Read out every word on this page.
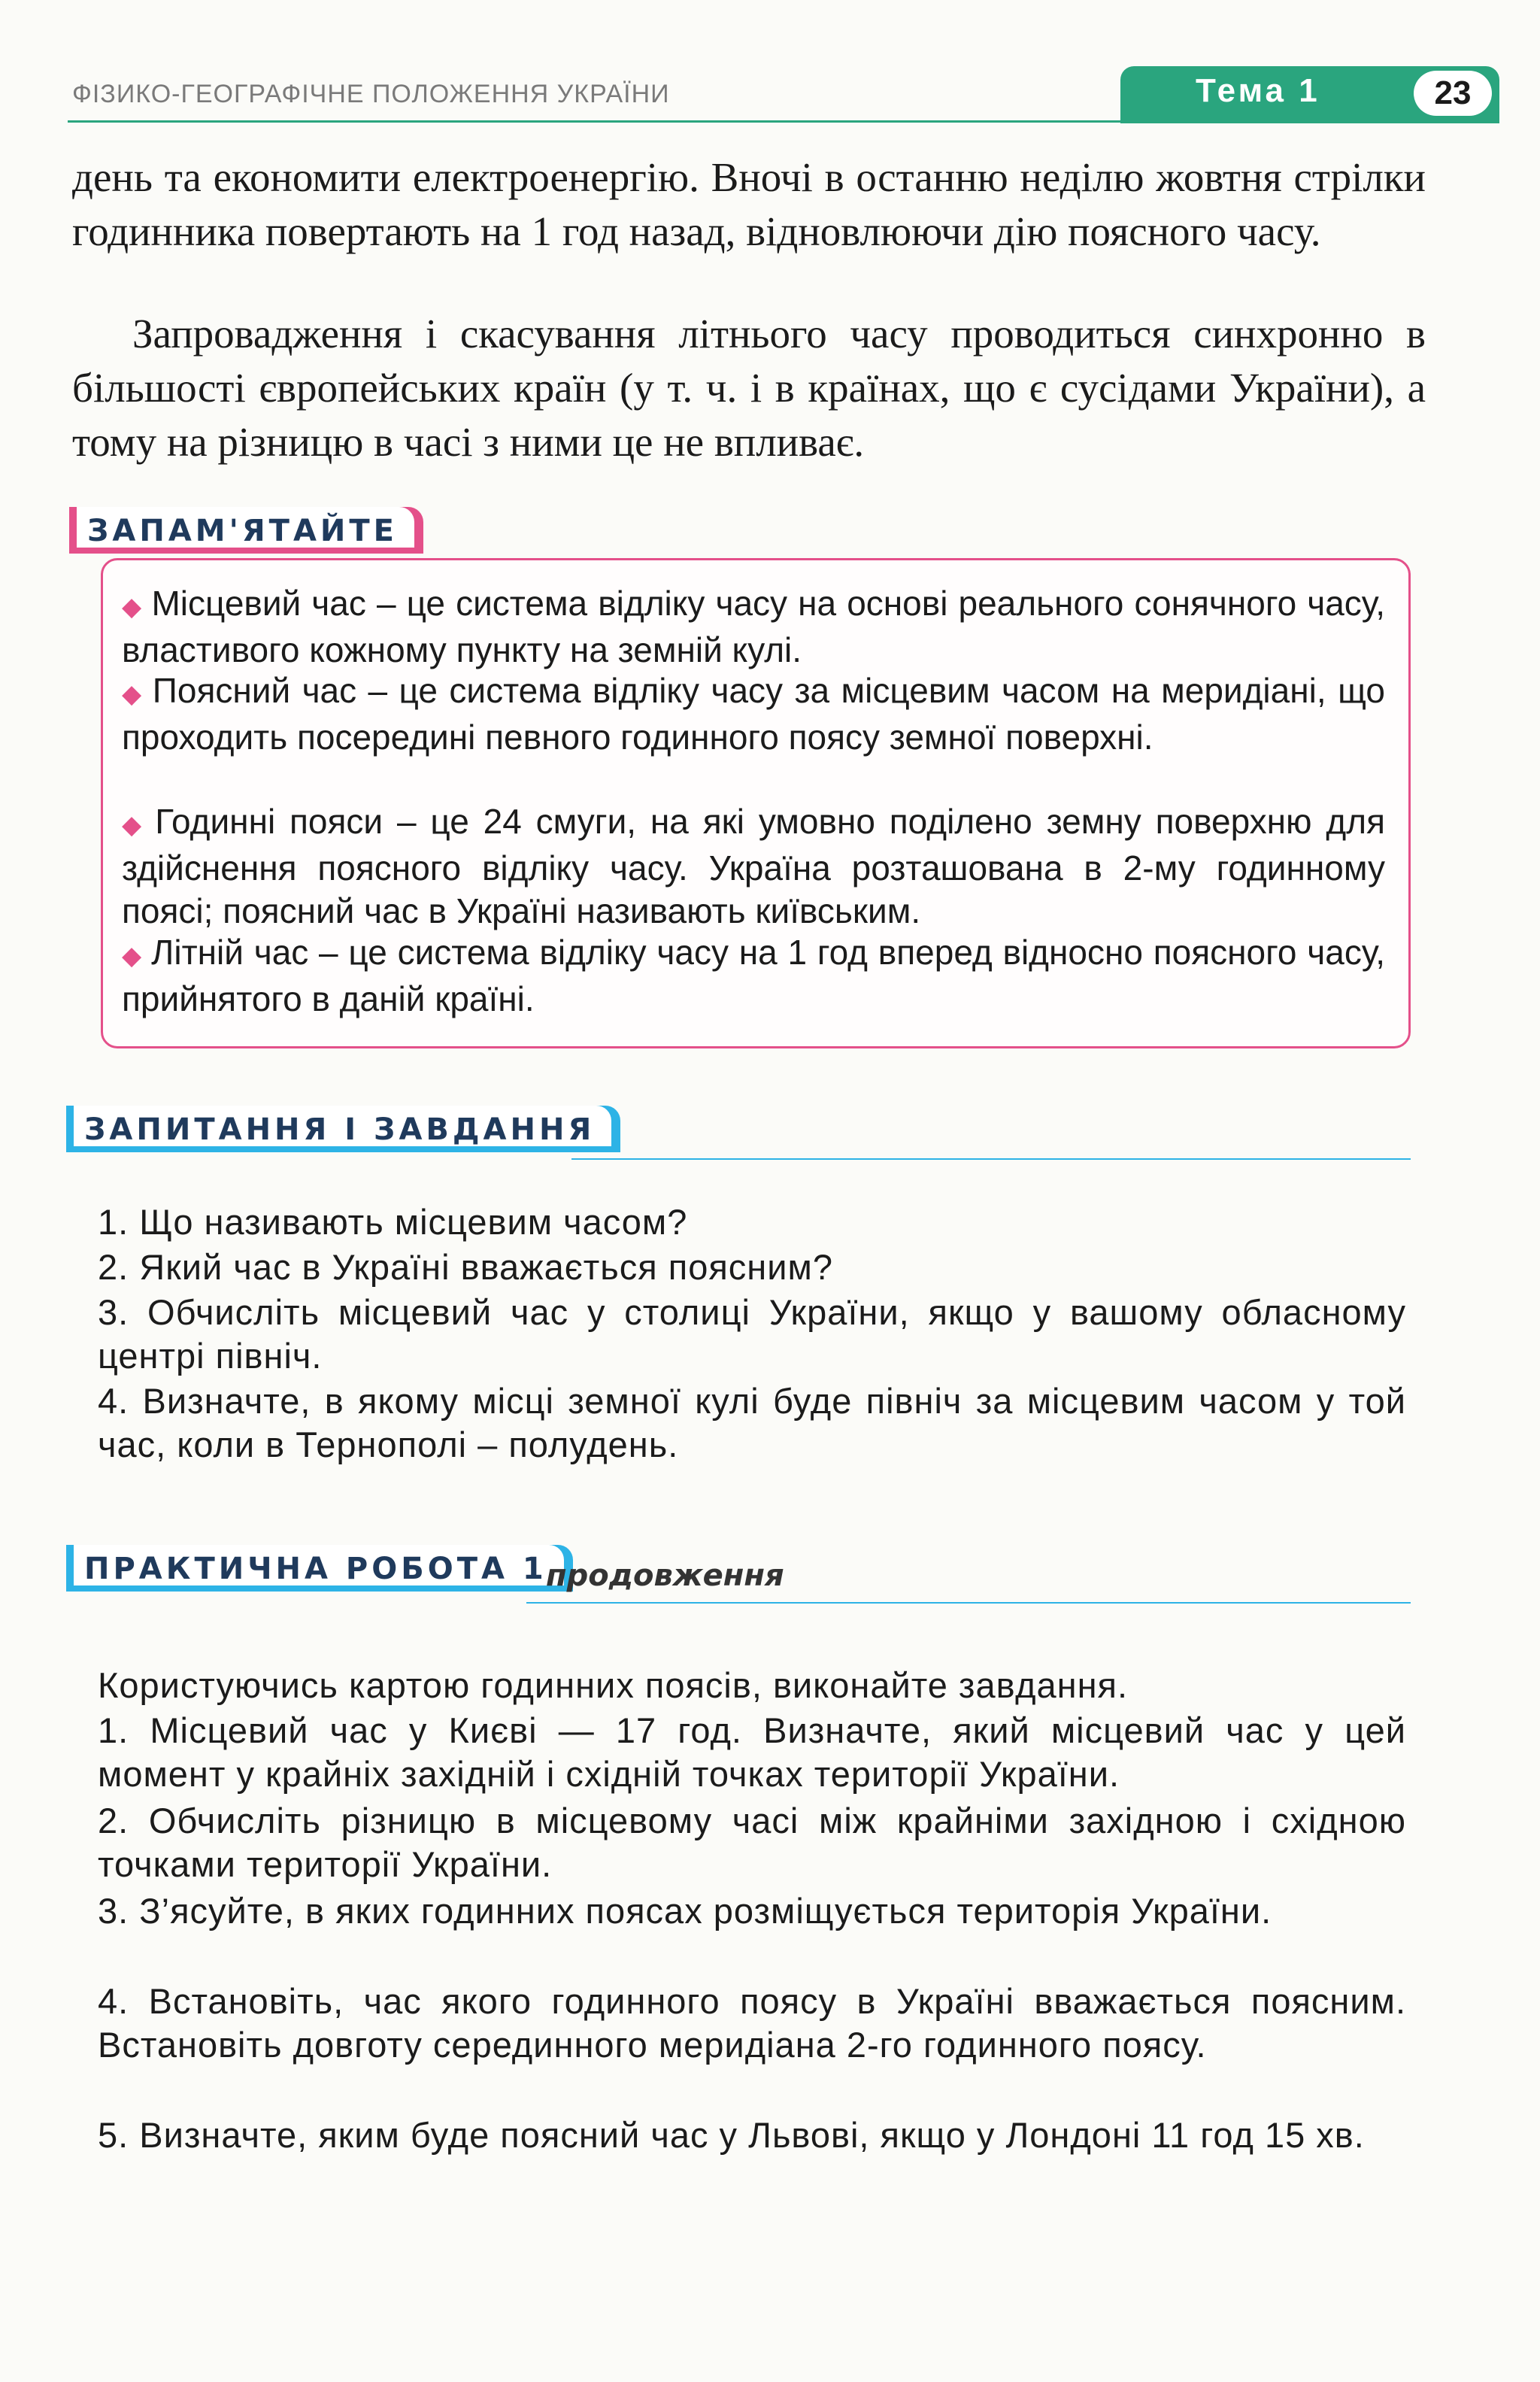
ФІЗИКО-ГЕОГРАФІЧНЕ ПОЛОЖЕННЯ УКРАЇНИ	Тема 1	23

день та економити електроенергію. Вночі в останню неділю жовтня стрілки годинника повертають на 1 год назад, відновлюючи дію поясного часу.

Запровадження і скасування літнього часу проводиться синхронно в більшості європейських країн (у т. ч. і в країнах, що є сусідами України), а тому на різницю в часі з ними це не впливає.

ЗАПАМ'ЯТАЙТЕ

◆ Місцевий час – це система відліку часу на основі реального сонячного часу, властивого кожному пункту на земній кулі.

◆ Поясний час – це система відліку часу за місцевим часом на меридіані, що проходить посередині певного годинного поясу земної поверхні.

◆ Годинні пояси – це 24 смуги, на які умовно поділено земну поверхню для здійснення поясного відліку часу. Україна розташована в 2-му годинному поясі; поясний час в Україні називають київським.

◆ Літній час – це система відліку часу на 1 год вперед відносно поясного часу, прийнятого в даній країні.

ЗАПИТАННЯ І ЗАВДАННЯ

1. Що називають місцевим часом?

2. Який час в Україні вважається поясним?

3. Обчисліть місцевий час у столиці України, якщо у вашому обласному центрі північ.

4. Визначте, в якому місці земної кулі буде північ за місцевим часом у той час, коли в Тернополі – полудень.

ПРАКТИЧНА РОБОТА 1
продовження

Користуючись картою годинних поясів, виконайте завдання.

1. Місцевий час у Києві — 17 год. Визначте, який місцевий час у цей момент у крайніх західній і східній точках території України.

2. Обчисліть різницю в місцевому часі між крайніми західною і східною точками території України.

3. З’ясуйте, в яких годинних поясах розміщується територія України.

4. Встановіть, час якого годинного поясу в Україні вважається поясним. Встановіть довготу серединного меридіана 2-го годинного поясу.

5. Визначте, яким буде поясний час у Львові, якщо у Лондоні 11 год 15 хв.
